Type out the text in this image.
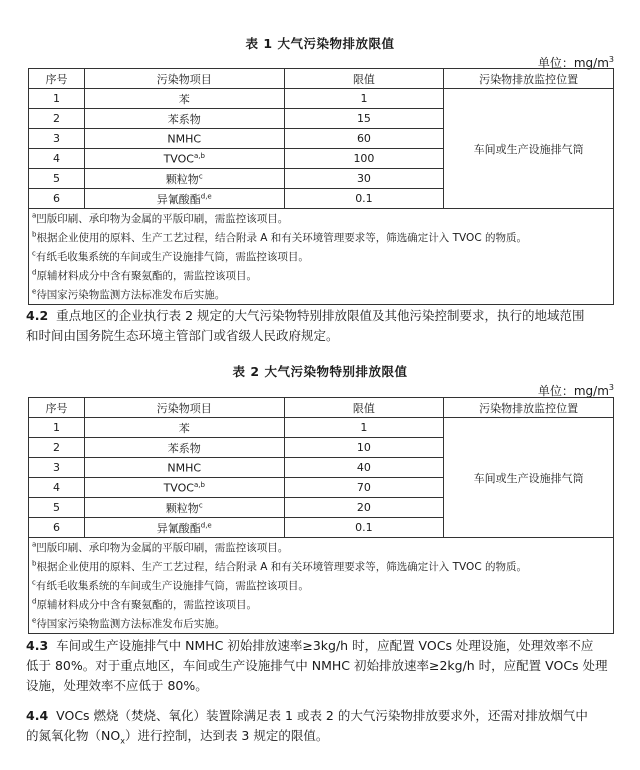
表 1 大气污染物排放限值
单位：$mg/m^3$
序号	污染物项目	限值	污染物排放监控位置
1	苯	1	车间或生产设施排气筒
2	苯系物	15	
3	NMHC	60	
4	TVOC$^{a,b}$	100	
5	颗粒物$^c$	30	
6	异氰酸酯$^{d,e}$	0.1	
$^a$凹版印刷、承印物为金属的平版印刷，需监控该项目。			
$^b$根据企业使用的原料、生产工艺过程，结合附录 A 和有关环境管理要求等，筛选确定计入 TVOC 的物质。			
$^c$有纸毛收集系统的车间或生产设施排气筒，需监控该项目。			
$^d$原辅材料成分中含有聚氨酯的，需监控该项目。			
$^e$待国家污染物监测方法标准发布后实施。			
4.2 重点地区的企业执行表 2 规定的大气污染物特别排放限值及其他污染控制要求，执行的地域范围
和时间由国务院生态环境主管部门或省级人民政府规定。
表 2 大气污染物特别排放限值
单位：$mg/m^3$
序号	污染物项目	限值	污染物排放监控位置
1	苯	1	车间或生产设施排气筒
2	苯系物	10	
3	NMHC	40	
4	TVOC$^{a,b}$	70	
5	颗粒物$^c$	20	
6	异氰酸酯$^{d,e}$	0.1	
$^a$凹版印刷、承印物为金属的平版印刷，需监控该项目。			
$^b$根据企业使用的原料、生产工艺过程，结合附录 A 和有关环境管理要求等，筛选确定计入 TVOC 的物质。			
$^c$有纸毛收集系统的车间或生产设施排气筒，需监控该项目。			
$^d$原辅材料成分中含有聚氨酯的，需监控该项目。			
$^e$待国家污染物监测方法标准发布后实施。			
4.3 车间或生产设施排气中 NMHC 初始排放速率≥3kg/h 时，应配置 VOCs 处理设施，处理效率不应
低于 80%。对于重点地区，车间或生产设施排气中 NMHC 初始排放速率≥2kg/h 时，应配置 VOCs 处理
设施，处理效率不应低于 80%。
4.4 VOCs 燃烧（焚烧、氧化）装置除满足表 1 或表 2 的大气污染物排放要求外，还需对排放烟气中
的氮氧化物$(NO_x)$进行控制，达到表 3 规定的限值。
